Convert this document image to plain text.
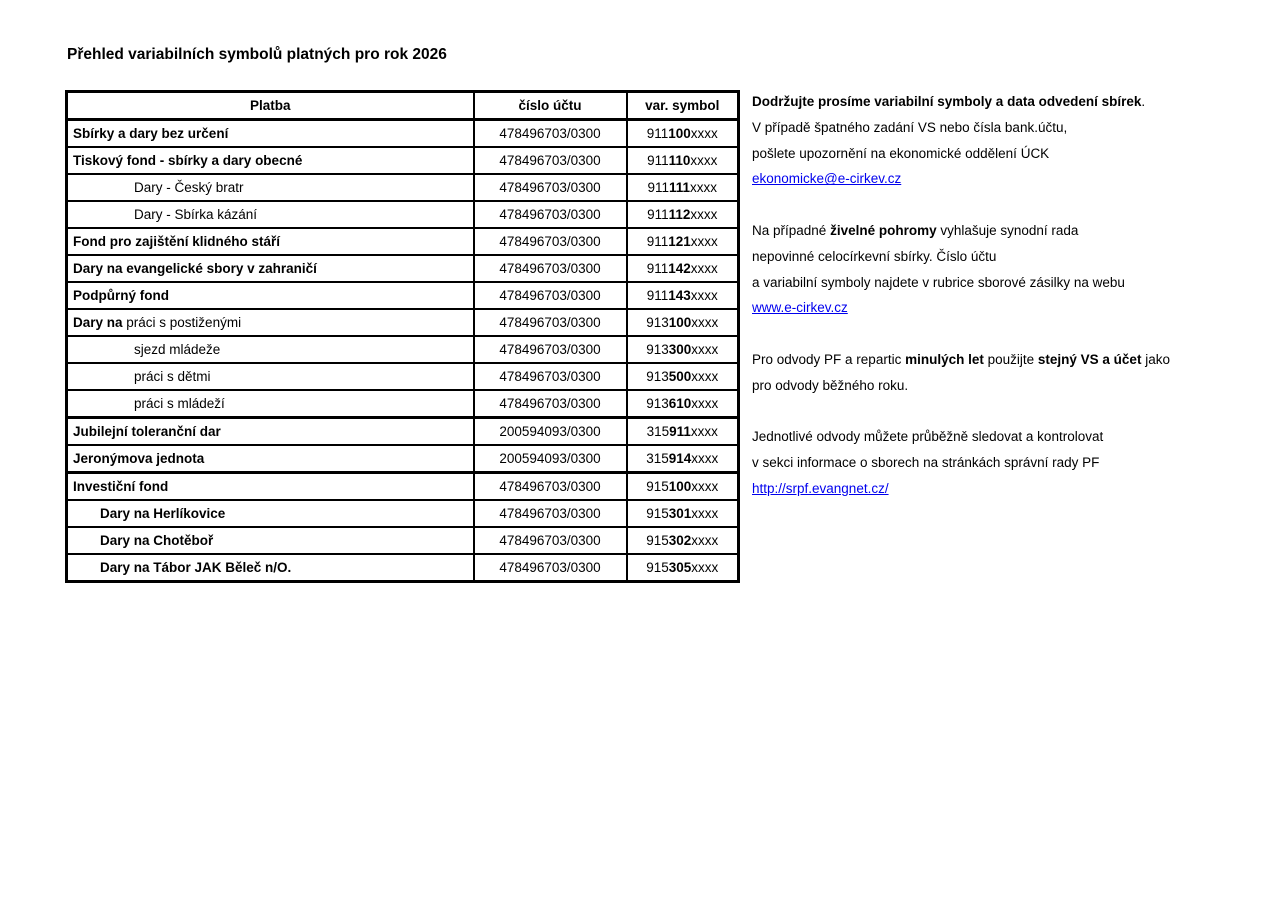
Přehled variabilních symbolů platných pro rok 2026
Platba	číslo účtu	var. symbol
Sbírky a dary bez určení	478496703/0300	911100xxxx
Tiskový fond - sbírky a dary obecné	478496703/0300	911110xxxx
Dary - Český bratr	478496703/0300	911111xxxx
Dary - Sbírka kázání	478496703/0300	911112xxxx
Fond pro zajištění klidného stáří	478496703/0300	911121xxxx
Dary na evangelické sbory v zahraničí	478496703/0300	911142xxxx
Podpůrný fond	478496703/0300	911143xxxx
Dary na práci s postiženými	478496703/0300	913100xxxx
sjezd mládeže	478496703/0300	913300xxxx
práci s dětmi	478496703/0300	913500xxxx
práci s mládeží	478496703/0300	913610xxxx
Jubilejní toleranční dar	200594093/0300	315911xxxx
Jeronýmova jednota	200594093/0300	315914xxxx
Investiční fond	478496703/0300	915100xxxx
Dary na Herlíkovice	478496703/0300	915301xxxx
Dary na Chotěboř	478496703/0300	915302xxxx
Dary na Tábor JAK Běleč n/O.	478496703/0300	915305xxxx
Dodržujte prosíme variabilní symboly a data odvedení sbírek.
V případě špatného zadání VS nebo čísla bank.účtu,
pošlete upozornění na ekonomické oddělení ÚCK
ekonomicke@e-cirkev.cz
Na případné živelné pohromy vyhlašuje synodní rada
nepovinné celocírkevní sbírky. Číslo účtu
a variabilní symboly najdete v rubrice sborové zásilky na webu
www.e-cirkev.cz
Pro odvody PF a repartic minulých let použijte stejný VS a účet jako
pro odvody běžného roku.
Jednotlivé odvody můžete průběžně sledovat a kontrolovat
v sekci informace o sborech na stránkách správní rady PF
http://srpf.evangnet.cz/
